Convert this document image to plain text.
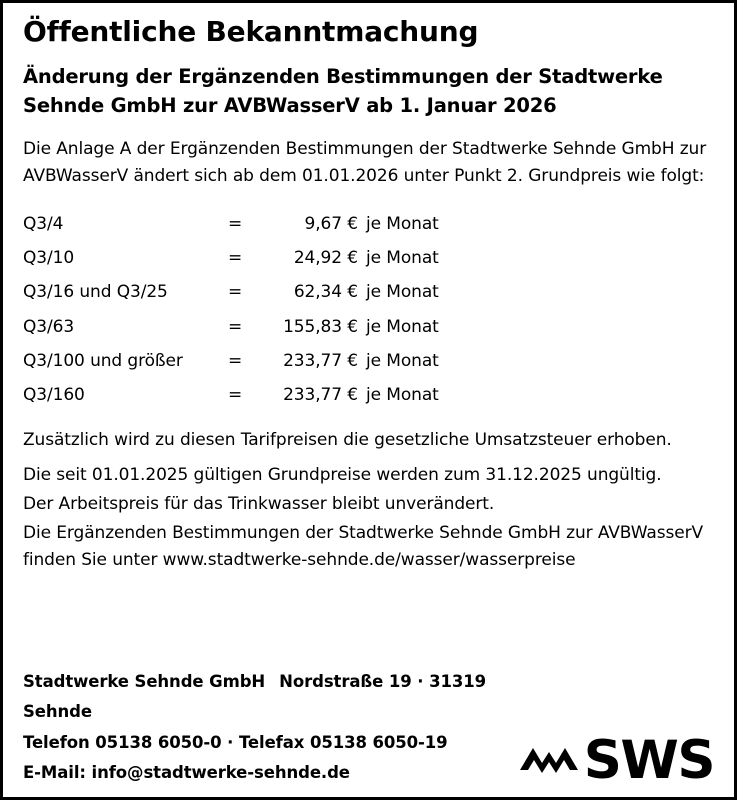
Öffentliche Bekanntmachung
Änderung der Ergänzenden Bestimmungen der Stadtwerke Sehnde GmbH zur AVBWasserV ab 1. Januar 2026

Die Anlage A der Ergänzenden Bestimmungen der Stadtwerke Sehnde GmbH zur AVBWasserV ändert sich ab dem 01.01.2026 unter Punkt 2. Grundpreis wie folgt:

Q3/4	=	9,67 €	je Monat
Q3/10	=	24,92 €	je Monat
Q3/16 und Q3/25	=	62,34 €	je Monat
Q3/63	=	155,83 €	je Monat
Q3/100 und größer	=	233,77 €	je Monat
Q3/160	=	233,77 €	je Monat

Zusätzlich wird zu diesen Tarifpreisen die gesetzliche Umsatzsteuer erhoben.

Die seit 01.01.2025 gültigen Grundpreise werden zum 31.12.2025 ungültig.

Der Arbeitspreis für das Trinkwasser bleibt unverändert.

Die Ergänzenden Bestimmungen der Stadtwerke Sehnde GmbH zur AVBWasserV finden Sie unter www.stadtwerke-sehnde.de/wasser/wasserpreise

Stadtwerke Sehnde GmbH Nordstraße 19 · 31319 Sehnde
Telefon 05138 6050-0 · Telefax 05138 6050-19
E-Mail: info@stadtwerke-sehnde.de	SWS
